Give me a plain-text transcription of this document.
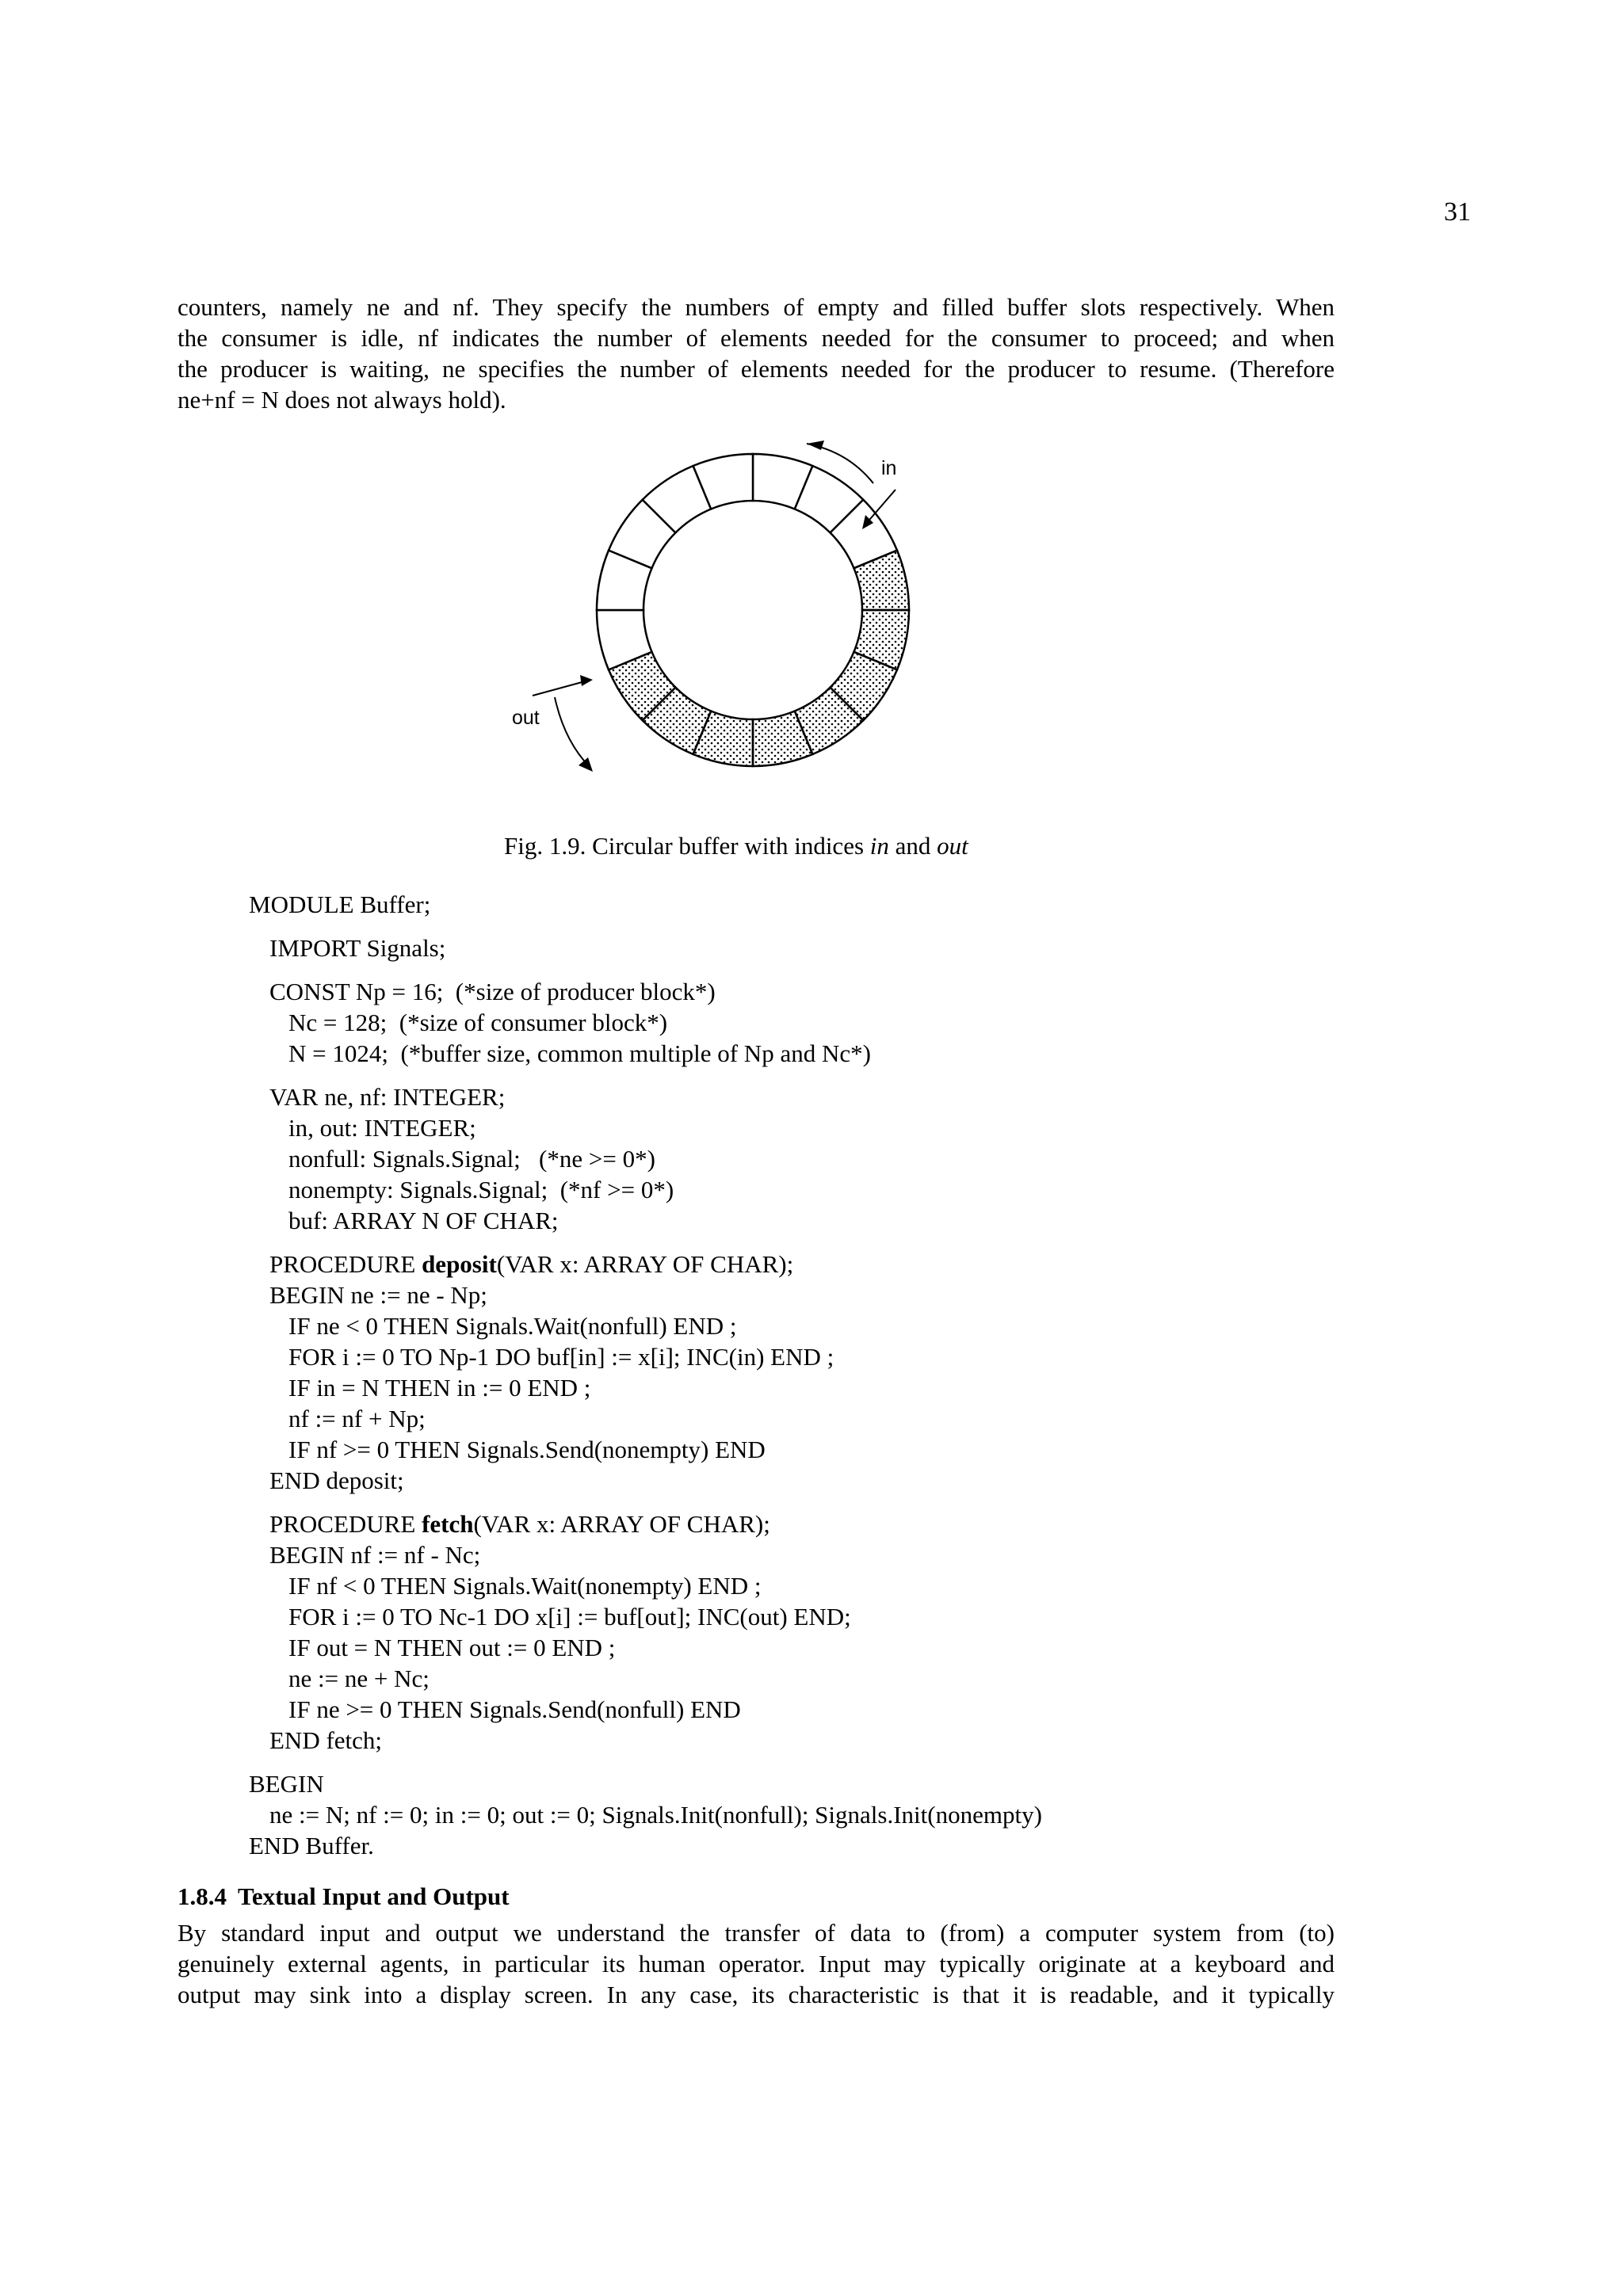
31
counters, namely ne and nf. They specify the numbers of empty and filled buffer slots respectively. When
the consumer is idle, nf indicates the number of elements needed for the consumer to proceed; and when
the producer is waiting, ne specifies the number of elements needed for the producer to resume. (Therefore
ne+nf = N does not always hold).
in
out
Fig. 1.9. Circular buffer with indices in and out
MODULE Buffer;
IMPORT Signals;
CONST Np = 16;  (*size of producer block*)
Nc = 128;  (*size of consumer block*)
N = 1024;  (*buffer size, common multiple of Np and Nc*)
VAR ne, nf: INTEGER;
in, out: INTEGER;
nonfull: Signals.Signal;   (*ne >= 0*)
nonempty: Signals.Signal;  (*nf >= 0*)
buf: ARRAY N OF CHAR;
PROCEDURE deposit(VAR x: ARRAY OF CHAR);
BEGIN ne := ne - Np;
IF ne < 0 THEN Signals.Wait(nonfull) END ;
FOR i := 0 TO Np-1 DO buf[in] := x[i]; INC(in) END ;
IF in = N THEN in := 0 END ;
nf := nf + Np;
IF nf >= 0 THEN Signals.Send(nonempty) END
END deposit;
PROCEDURE fetch(VAR x: ARRAY OF CHAR);
BEGIN nf := nf - Nc;
IF nf < 0 THEN Signals.Wait(nonempty) END ;
FOR i := 0 TO Nc-1 DO x[i] := buf[out]; INC(out) END;
IF out = N THEN out := 0 END ;
ne := ne + Nc;
IF ne >= 0 THEN Signals.Send(nonfull) END
END fetch;
BEGIN
ne := N; nf := 0; in := 0; out := 0; Signals.Init(nonfull); Signals.Init(nonempty)
END Buffer.
1.8.4 Textual Input and Output
By standard input and output we understand the transfer of data to (from) a computer system from (to)
genuinely external agents, in particular its human operator. Input may typically originate at a keyboard and
output may sink into a display screen. In any case, its characteristic is that it is readable, and it typically
